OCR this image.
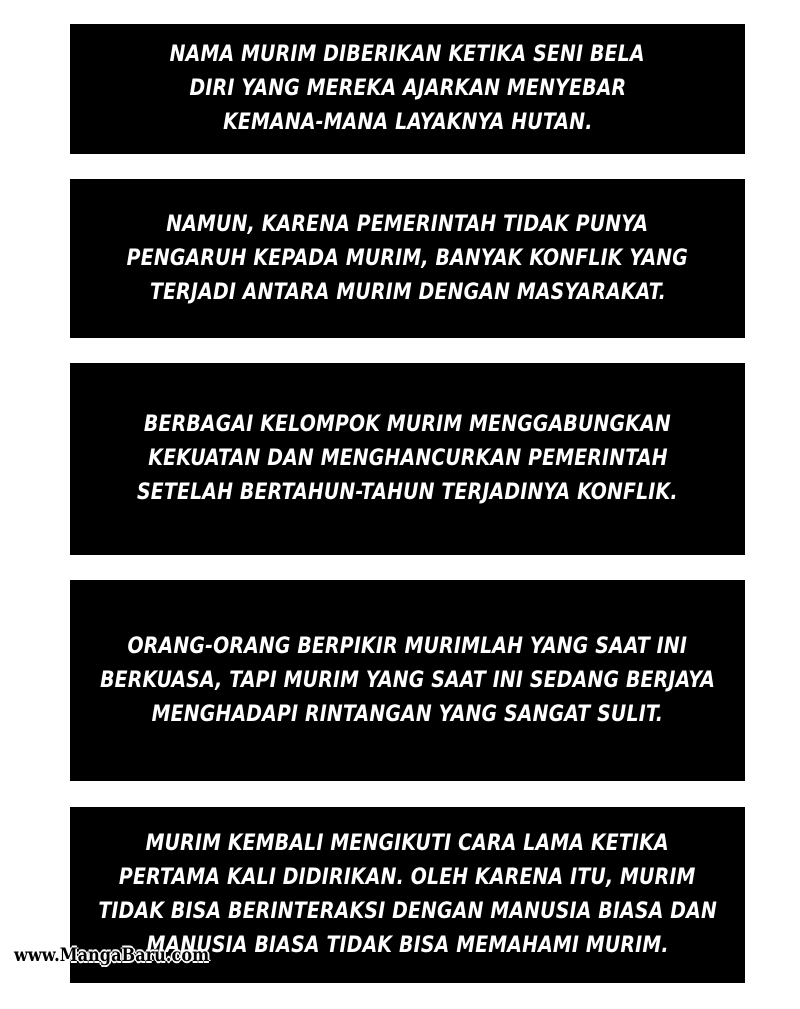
NAMA MURIM DIBERIKAN KETIKA SENI BELA
DIRI YANG MEREKA AJARKAN MENYEBAR
KEMANA-MANA LAYAKNYA HUTAN.
NAMUN, KARENA PEMERINTAH TIDAK PUNYA
PENGARUH KEPADA MURIM, BANYAK KONFLIK YANG
TERJADI ANTARA MURIM DENGAN MASYARAKAT.
BERBAGAI KELOMPOK MURIM MENGGABUNGKAN
KEKUATAN DAN MENGHANCURKAN PEMERINTAH
SETELAH BERTAHUN-TAHUN TERJADINYA KONFLIK.
ORANG-ORANG BERPIKIR MURIMLAH YANG SAAT INI
BERKUASA, TAPI MURIM YANG SAAT INI SEDANG BERJAYA
MENGHADAPI RINTANGAN YANG SANGAT SULIT.
MURIM KEMBALI MENGIKUTI CARA LAMA KETIKA
PERTAMA KALI DIDIRIKAN. OLEH KARENA ITU, MURIM
TIDAK BISA BERINTERAKSI DENGAN MANUSIA BIASA DAN
MANUSIA BIASA TIDAK BISA MEMAHAMI MURIM.
www.MangaBaru.com
